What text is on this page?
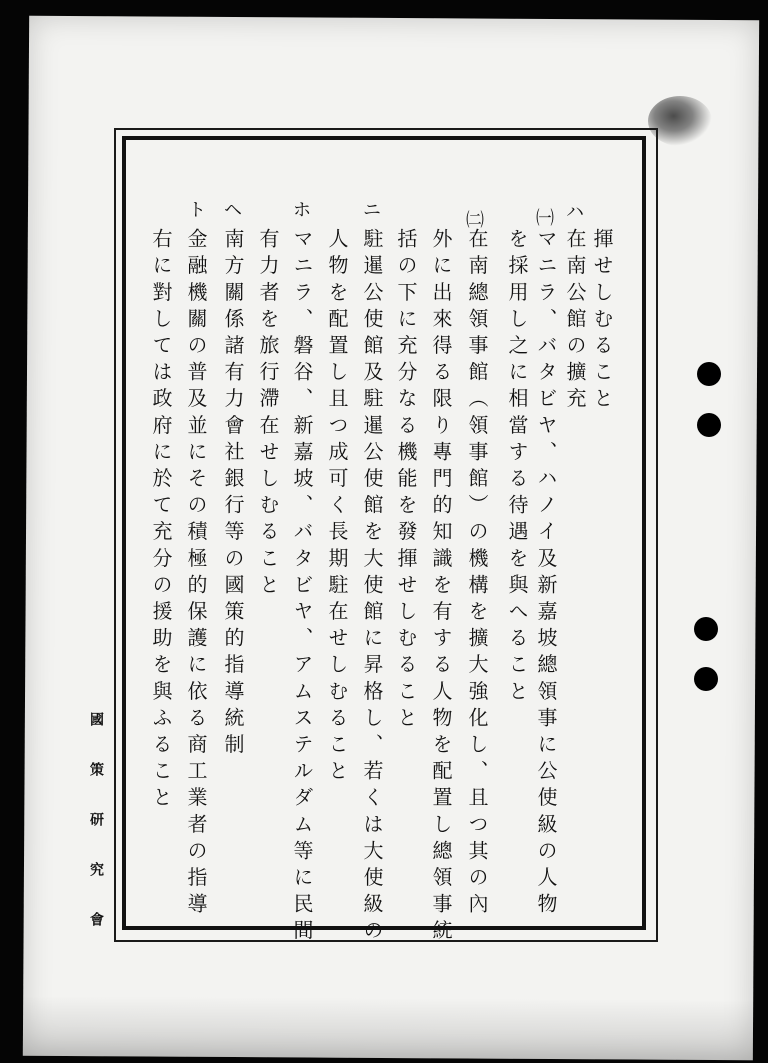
揮せしむること
ハ
在南公館の擴充
㈠
マニラ、バタビヤ、ハノイ及新嘉坡總領事に公使級の人物
を採用し之に相當する待遇を與へること
㈡
在南總領事館（領事館）の機構を擴大強化し、且つ其の內
外に出來得る限り專門的知識を有する人物を配置し總領事統
括の下に充分なる機能を發揮せしむること
ニ
駐暹公使館及駐暹公使館を大使館に昇格し、若くは大使級の
人物を配置し且つ成可く長期駐在せしむること
ホ
マニラ、磐谷、新嘉坡、バタビヤ、アムステルダム等に民間
有力者を旅行滯在せしむること
ヘ
南方關係諸有力會社銀行等の國策的指導統制
ト
金融機關の普及並にその積極的保護に依る商工業者の指導
右に對しては政府に於て充分の援助を與ふること
國策研究會
